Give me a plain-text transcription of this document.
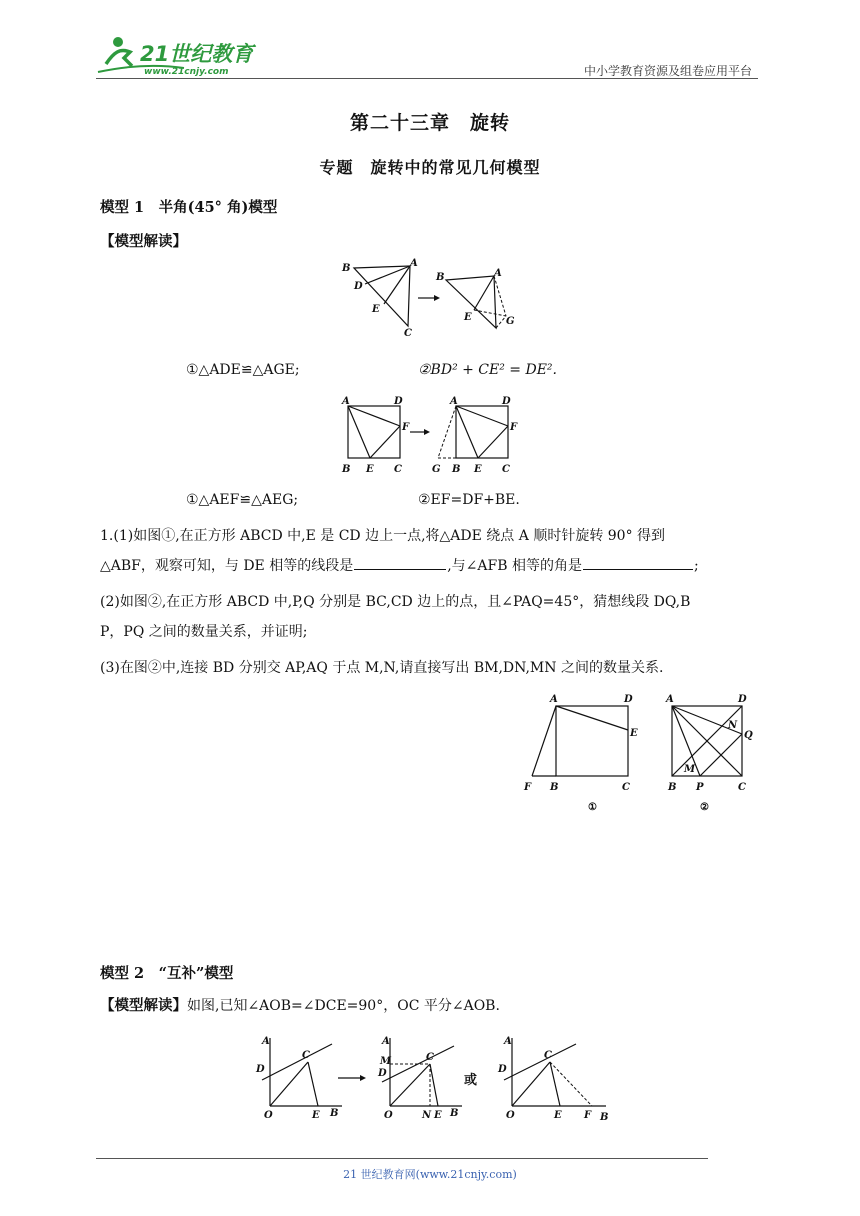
21世纪教育
www.21cnjy.com	中小学教育资源及组卷应用平台
第二十三章　旋转
专题　旋转中的常见几何模型
模型 1　半角(45° 角)模型
【模型解读】
B	A
D
E
C
B	A
E	G
①△ADE≌△AGE;	②BD² + CE² = DE².
A	D
F
B E C
A	D
F
G B E C
①△AEF≌△AEG;	②EF=DF+BE.
1.(1)如图①,在正方形 ABCD 中,E 是 CD 边上一点,将△ADE 绕点 A 顺时针旋转 90° 得到
△ABF，观察可知，与 DE 相等的线段是	,与∠AFB 相等的角是	;
(2)如图②,在正方形 ABCD 中,P,Q 分别是 BC,CD 边上的点，且∠PAQ=45°，猜想线段 DQ,B
P，PQ 之间的数量关系，并证明;
(3)在图②中,连接 BD 分别交 AP,AQ 于点 M,N,请直接写出 BM,DN,MN 之间的数量关系.
A	D
E
F B	C
①
A	D
N
Q
M
B P	C
②
模型 2　“互补”模型
【模型解读】如图,已知∠AOB=∠DCE=90°，OC 平分∠AOB.
A
D
C
O	E B
A
M
D
C
O	N E B
或
A
D
C
O	E F B
21 世纪教育网(www.21cnjy.com)
